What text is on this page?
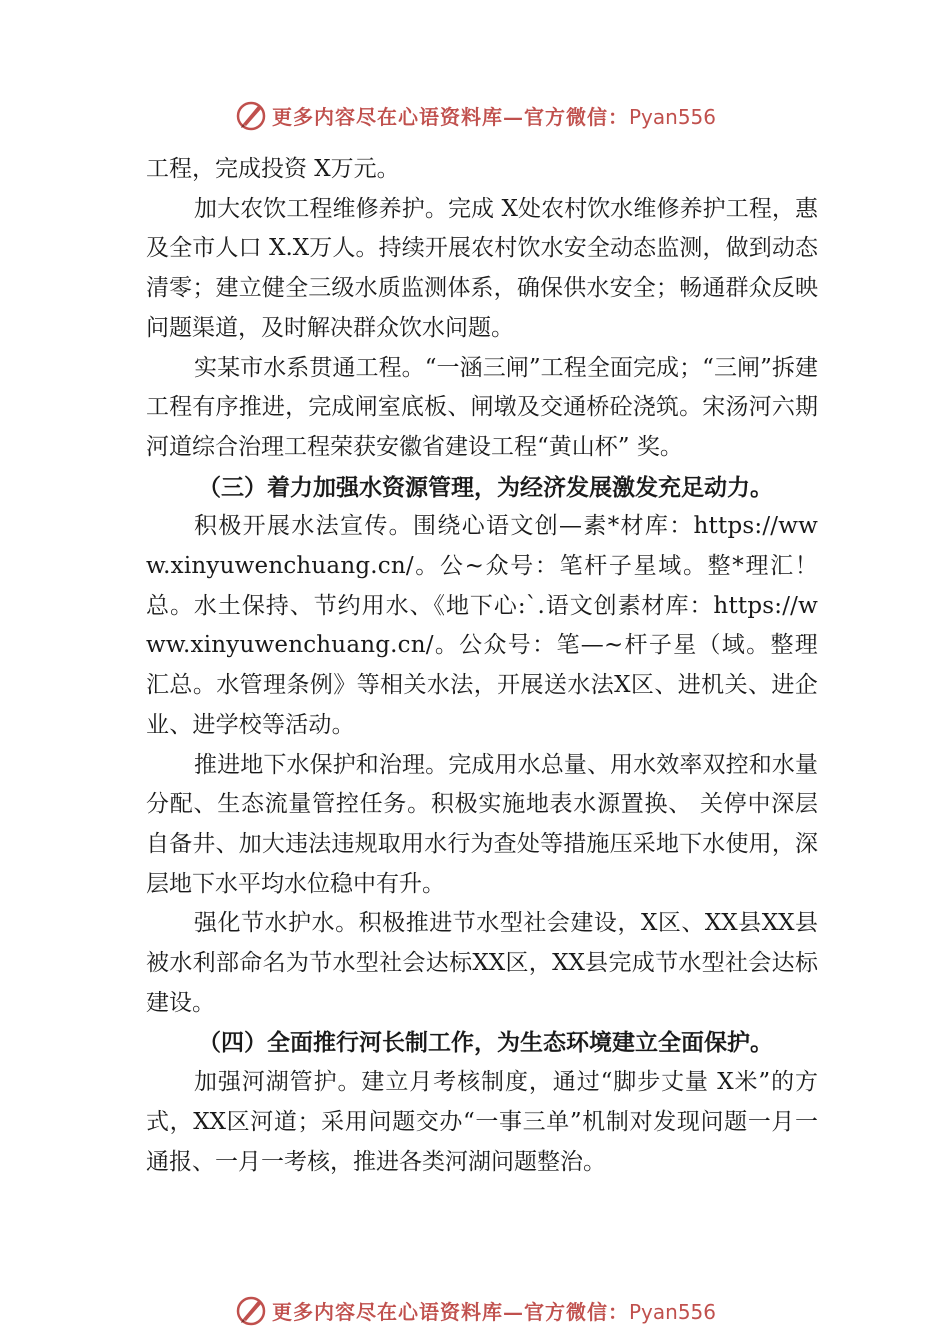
更多内容尽在心语资料库—官方微信：Pyan556

工程，完成投资 X万元。

加大农饮工程维修养护。完成 X处农村饮水维修养护工程，惠及全市人口 X.X万人。持续开展农村饮水安全动态监测，做到动态清零；建立健全三级水质监测体系，确保供水安全；畅通群众反映问题渠道，及时解决群众饮水问题。

实某市水系贯通工程。“一涵三闸”工程全面完成；“三闸”拆建工程有序推进，完成闸室底板、闸墩及交通桥砼浇筑。宋汤河六期河道综合治理工程荣获安徽省建设工程“黄山杯” 奖。

（三）着力加强水资源管理，为经济发展激发充足动力。

积极开展水法宣传。围绕心语文创—素*材库：https://www.xinyuwenchuang.cn/。公~众号：笔杆子星域。整*理汇！总。水土保持、节约用水、《地下心:`.语文创素材库：https://www.xinyuwenchuang.cn/。公众号：笔—~杆子星（域。整理汇总。水管理条例》等相关水法，开展送水法X区、进机关、进企业、进学校等活动。

推进地下水保护和治理。完成用水总量、用水效率双控和水量分配、生态流量管控任务。积极实施地表水源置换、 关停中深层自备井、加大违法违规取用水行为查处等措施压采地下水使用，深层地下水平均水位稳中有升。

强化节水护水。积极推进节水型社会建设，X区、XX县XX县被水利部命名为节水型社会达标XX区，XX县完成节水型社会达标建设。

（四）全面推行河长制工作，为生态环境建立全面保护。

加强河湖管护。建立月考核制度，通过“脚步丈量 X米”的方式，XX区河道；采用问题交办“一事三单”机制对发现问题一月一通报、一月一考核，推进各类河湖问题整治。

更多内容尽在心语资料库—官方微信：Pyan556
